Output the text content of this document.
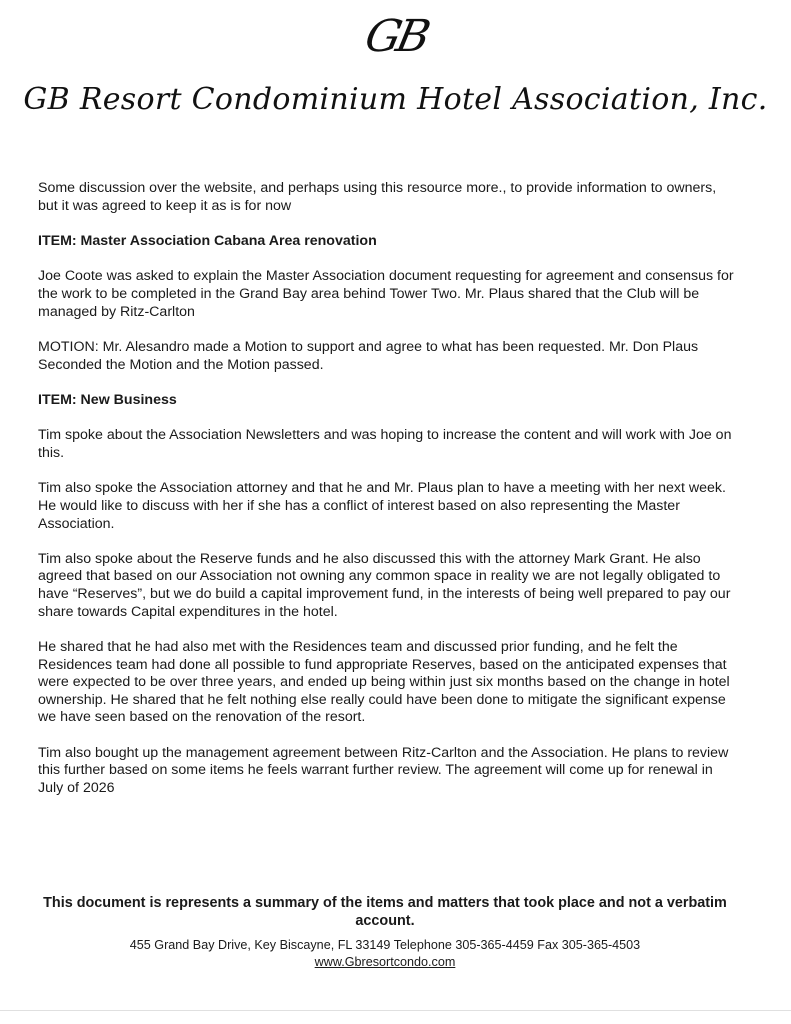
GB
GB Resort Condominium Hotel Association, Inc.

Some discussion over the website, and perhaps using this resource more., to provide information to owners, but it was agreed to keep it as is for now

ITEM: Master Association Cabana Area renovation

Joe Coote was asked to explain the Master Association document requesting for agreement and consensus for the work to be completed in the Grand Bay area behind Tower Two. Mr. Plaus shared that the Club will be managed by Ritz-Carlton

MOTION: Mr. Alesandro made a Motion to support and agree to what has been requested. Mr. Don Plaus Seconded the Motion and the Motion passed.

ITEM: New Business

Tim spoke about the Association Newsletters and was hoping to increase the content and will work with Joe on this.

Tim also spoke the Association attorney and that he and Mr. Plaus plan to have a meeting with her next week. He would like to discuss with her if she has a conflict of interest based on also representing the Master Association.

Tim also spoke about the Reserve funds and he also discussed this with the attorney Mark Grant. He also agreed that based on our Association not owning any common space in reality we are not legally obligated to have “Reserves”, but we do build a capital improvement fund, in the interests of being well prepared to pay our share towards Capital expenditures in the hotel.

He shared that he had also met with the Residences team and discussed prior funding, and he felt the Residences team had done all possible to fund appropriate Reserves, based on the anticipated expenses that were expected to be over three years, and ended up being within just six months based on the change in hotel ownership. He shared that he felt nothing else really could have been done to mitigate the significant expense we have seen based on the renovation of the resort.

Tim also bought up the management agreement between Ritz-Carlton and the Association. He plans to review this further based on some items he feels warrant further review. The agreement will come up for renewal in July of 2026

This document is represents a summary of the items and matters that took place and not a verbatim account.

455 Grand Bay Drive, Key Biscayne, FL 33149 Telephone 305-365-4459 Fax 305-365-4503

www.Gbresortcondo.com
